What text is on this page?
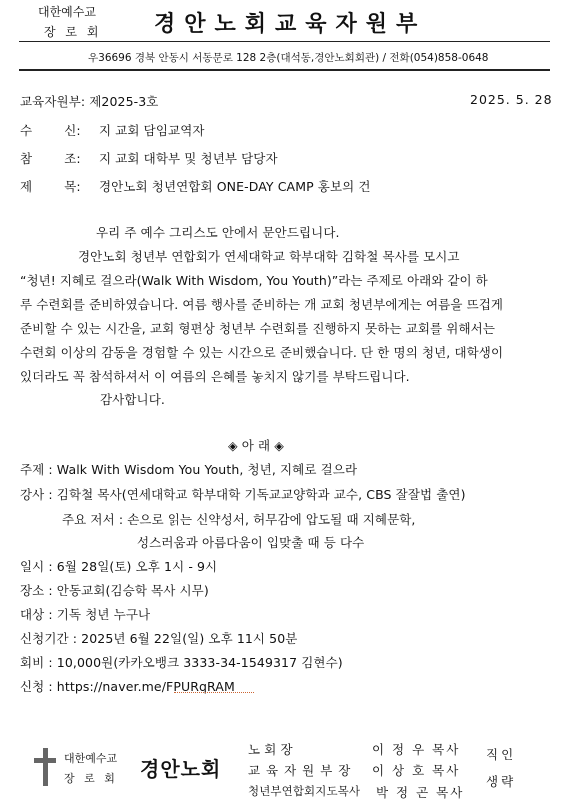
대한예수교
장 로 회 경안노회교육자원부
우36696 경북 안동시 서동문로 128 2층(대석동,경안노회회관) / 전화(054)858-0648
교육자원부: 제2025-3호	2025. 5. 28
수 신: 지 교회 담임교역자
참 조: 지 교회 대학부 및 청년부 담당자
제 목: 경안노회 청년연합회 ONE-DAY CAMP 홍보의 건
우리 주 예수 그리스도 안에서 문안드립니다.
경안노회 청년부 연합회가 연세대학교 학부대학 김학철 목사를 모시고
“청년! 지혜로 걸으라(Walk With Wisdom, You Youth)”라는 주제로 아래와 같이 하
루 수련회를 준비하였습니다. 여름 행사를 준비하는 개 교회 청년부에게는 여름을 뜨겁게
준비할 수 있는 시간을, 교회 형편상 청년부 수련회를 진행하지 못하는 교회를 위해서는
수련회 이상의 감동을 경험할 수 있는 시간으로 준비했습니다. 단 한 명의 청년, 대학생이
있더라도 꼭 참석하셔서 이 여름의 은혜를 놓치지 않기를 부탁드립니다.
감사합니다.
◈ 아 래 ◈
주제 : Walk With Wisdom You Youth, 청년, 지혜로 걸으라
강사 : 김학철 목사(연세대학교 학부대학 기독교교양학과 교수, CBS 잘잘법 출연)
주요 저서 : 손으로 읽는 신약성서, 허무감에 압도될 때 지혜문학,
성스러움과 아름다움이 입맞출 때 등 다수
일시 : 6월 28일(토) 오후 1시 - 9시
장소 : 안동교회(김승학 목사 시무)
대상 : 기독 청년 누구나
신청기간 : 2025년 6월 22일(일) 오후 11시 50분
회비 : 10,000원(카카오뱅크 3333-34-1549317 김현수)
신청 : https://naver.me/FPURqRAM
대한예수교
장 로 회 경안노회
노 회 장	이 정 우 목사
교 육 자 원 부 장 이 상 호 목사
청년부연합회지도목사 박 정 곤 목사
직인
생략
